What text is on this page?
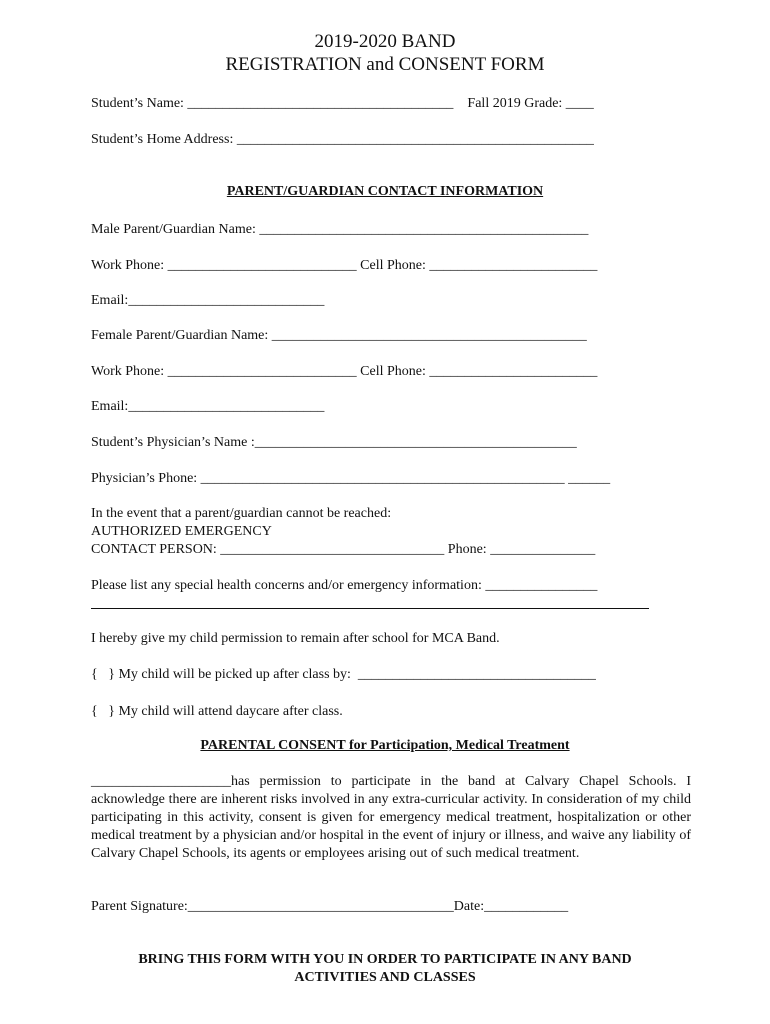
2019-2020 BAND
REGISTRATION and CONSENT FORM
Student’s Name: ______________________________________    Fall 2019 Grade: ____
Student’s Home Address: ___________________________________________________
PARENT/GUARDIAN CONTACT INFORMATION
Male Parent/Guardian Name: _______________________________________________
Work Phone: ___________________________ Cell Phone: ________________________
Email:____________________________
Female Parent/Guardian Name: _____________________________________________
Work Phone: ___________________________ Cell Phone: ________________________
Email:____________________________
Student’s Physician’s Name :______________________________________________
Physician’s Phone: ____________________________________________________ ______
In the event that a parent/guardian cannot be reached:
AUTHORIZED EMERGENCY
CONTACT PERSON: ________________________________ Phone: _______________
Please list any special health concerns and/or emergency information: ________________
I hereby give my child permission to remain after school for MCA Band.
{   } My child will be picked up after class by:  __________________________________
{   } My child will attend daycare after class.
PARENTAL CONSENT for Participation, Medical Treatment
____________________has permission to participate in the band at Calvary Chapel Schools. I acknowledge there are inherent risks involved in any extra-curricular activity. In consideration of my child participating in this activity, consent is given for emergency medical treatment, hospitalization or other medical treatment by a physician and/or hospital in the event of injury or illness, and waive any liability of Calvary Chapel Schools, its agents or employees arising out of such medical treatment.
Parent Signature:______________________________________Date:____________
BRING THIS FORM WITH YOU IN ORDER TO PARTICIPATE IN ANY BAND
ACTIVITIES AND CLASSES
